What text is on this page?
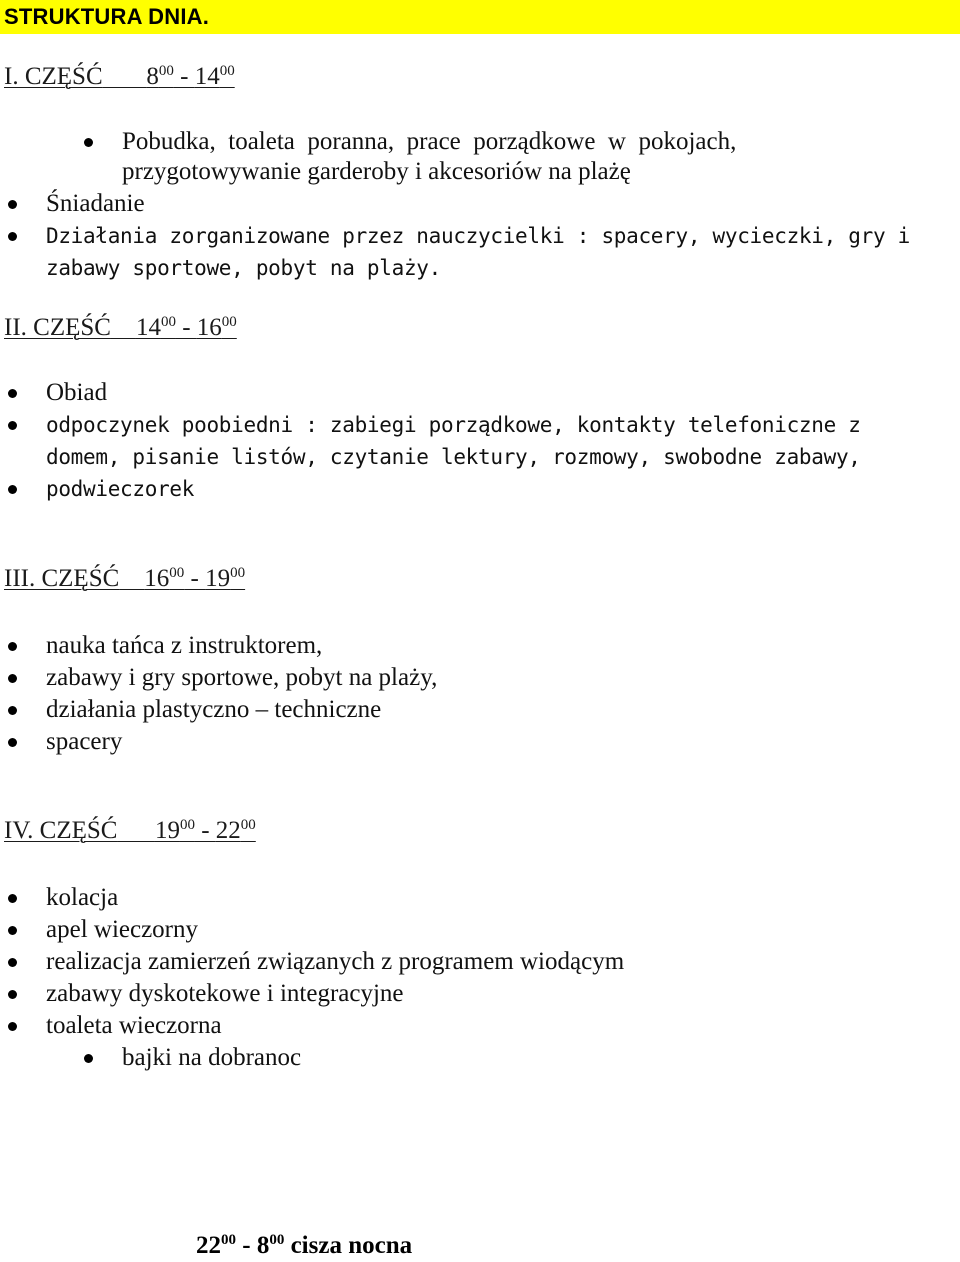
STRUKTURA DNIA.
I. CZĘŚĆ $8^{00} - 14^{00}$
Pobudka,  toaleta  poranna,  prace  porządkowe  w  pokojach,
przygotowywanie garderoby i akcesoriów na plażę
Śniadanie
Działania zorganizowane przez nauczycielki : spacery, wycieczki, gry i
zabawy sportowe, pobyt na plaży.
II. CZĘŚĆ $14^{00} - 16^{00}$
Obiad
odpoczynek poobiedni : zabiegi porządkowe, kontakty telefoniczne z
domem, pisanie listów, czytanie lektury, rozmowy, swobodne zabawy,
podwieczorek
III. CZĘŚĆ $16^{00} - 19^{00}$
nauka tańca z instruktorem,
zabawy i gry sportowe, pobyt na plaży,
działania plastyczno – techniczne
spacery
IV. CZĘŚĆ $19^{00} - 22^{00}$
kolacja
apel wieczorny
realizacja zamierzeń związanych z programem wiodącym
zabawy dyskotekowe i integracyjne
toaleta wieczorna
bajki na dobranoc
$22^{00} - 8^{00}$ cisza nocna
